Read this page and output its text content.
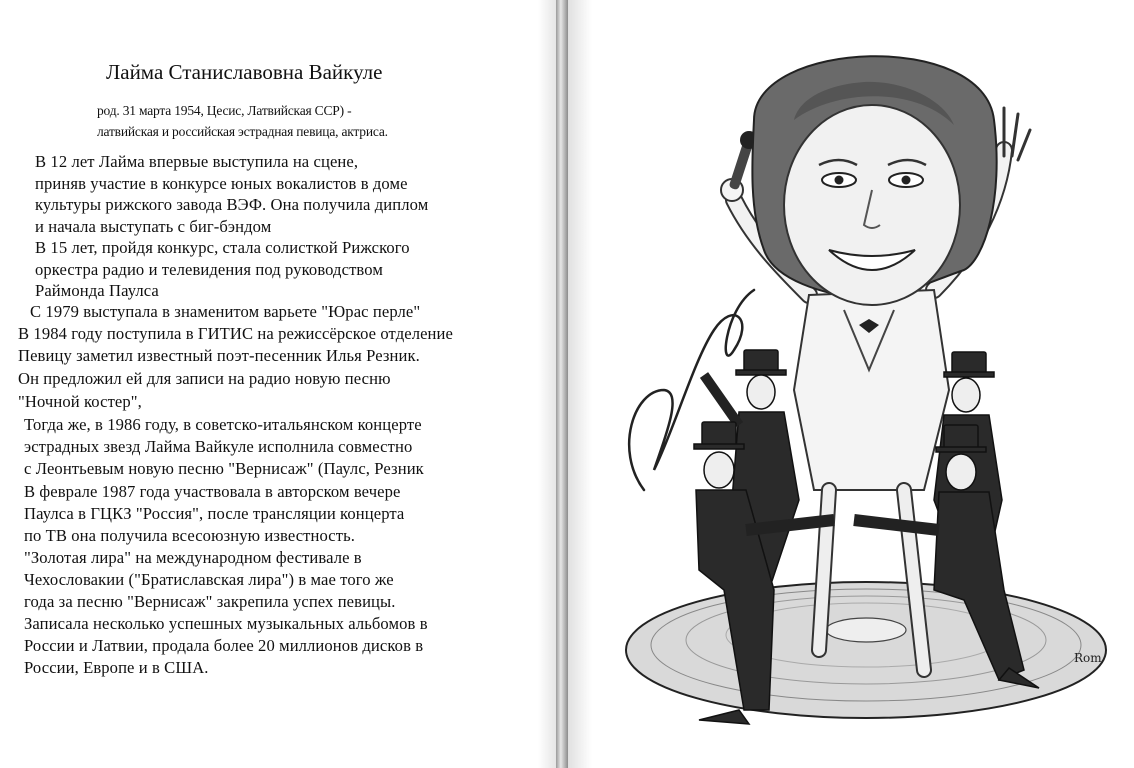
Лайма Станиславовна Вайкуле
род. 31 марта 1954, Цесис, Латвийская ССР) -
латвийская и российская эстрадная певица, актриса.
В 12 лет Лайма впервые выступила на сцене,
приняв участие в конкурсе юных вокалистов в доме
культуры рижского завода ВЭФ. Она получила диплом
и начала выступать с биг-бэндом
В 15 лет, пройдя конкурс, стала солисткой Рижского
оркестра радио и телевидения под руководством
Раймонда Паулса
С 1979 выступала в знаменитом варьете "Юрас перле"
В 1984 году поступила в ГИТИС на режиссёрское отделение
Певицу заметил известный поэт-песенник Илья Резник.
Он предложил ей для записи на радио новую песню
"Ночной костер",
Тогда же, в 1986 году, в советско-итальянском концерте
эстрадных звезд Лайма Вайкуле исполнила совместно
с Леонтьевым новую песню "Вернисаж" (Паулс, Резник
В феврале 1987 года участвовала в авторском вечере
Паулса в ГЦКЗ "Россия", после трансляции концерта
по ТВ она получила всесоюзную известность.
"Золотая лира" на международном фестивале в
Чехословакии ("Братиславская лира") в мае того же
года за песню "Вернисаж" закрепила успех певицы.
Записала несколько успешных музыкальных альбомов в
России и Латвии, продала более 20 миллионов дисков в
России, Европе и в США.	Rom
